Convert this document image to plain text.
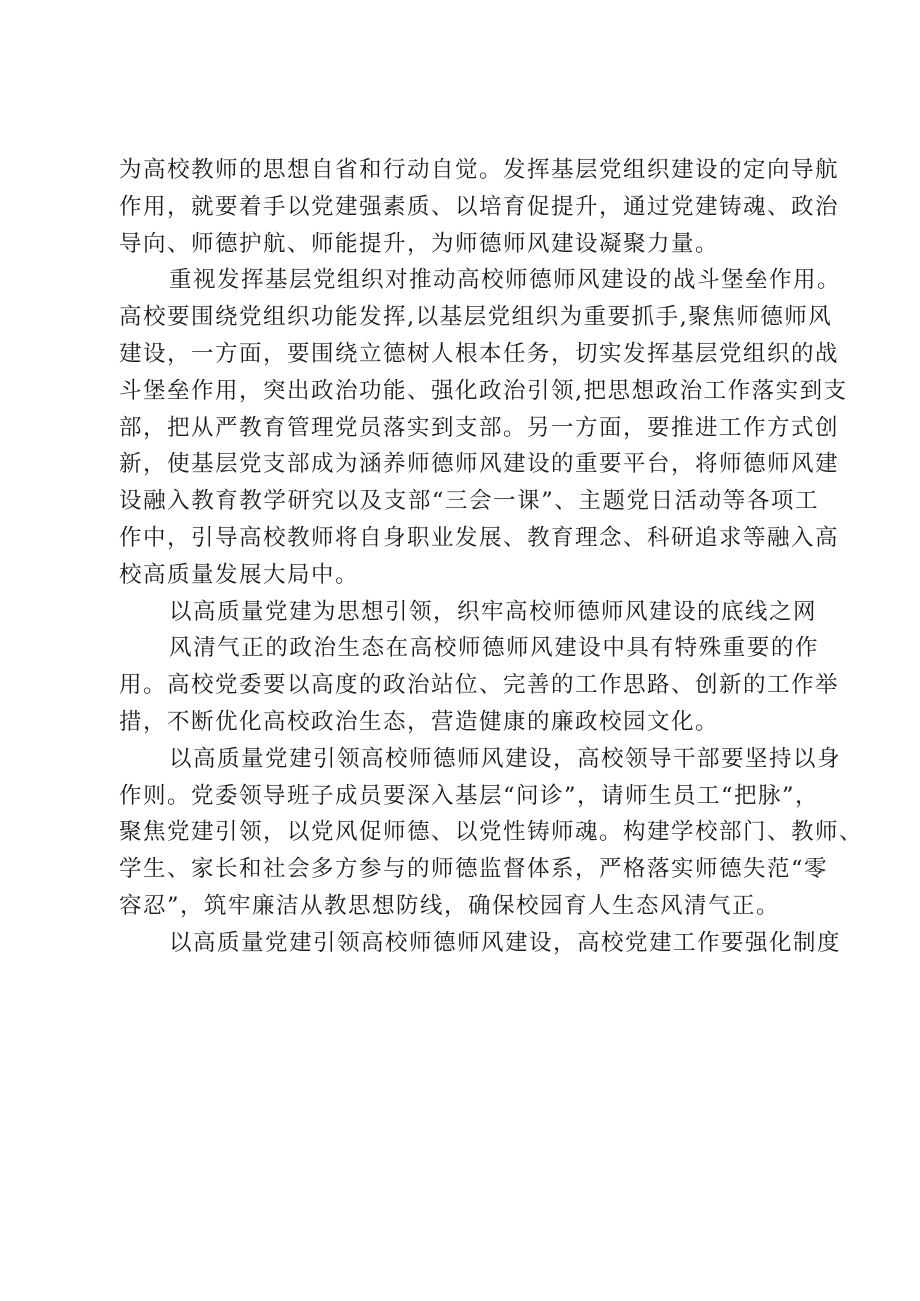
为高校教师的思想自省和行动自觉。发挥基层党组织建设的定向导航
作用，就要着手以党建强素质、以培育促提升，通过党建铸魂、政治
导向、师德护航、师能提升，为师德师风建设凝聚力量。
重视发挥基层党组织对推动高校师德师风建设的战斗堡垒作用。
高校要围绕党组织功能发挥,以基层党组织为重要抓手,聚焦师德师风
建设，一方面，要围绕立德树人根本任务，切实发挥基层党组织的战
斗堡垒作用，突出政治功能、强化政治引领,把思想政治工作落实到支
部，把从严教育管理党员落实到支部。另一方面，要推进工作方式创
新，使基层党支部成为涵养师德师风建设的重要平台，将师德师风建
设融入教育教学研究以及支部“三会一课”、主题党日活动等各项工
作中，引导高校教师将自身职业发展、教育理念、科研追求等融入高
校高质量发展大局中。
以高质量党建为思想引领，织牢高校师德师风建设的底线之网
风清气正的政治生态在高校师德师风建设中具有特殊重要的作
用。高校党委要以高度的政治站位、完善的工作思路、创新的工作举
措，不断优化高校政治生态，营造健康的廉政校园文化。
以高质量党建引领高校师德师风建设，高校领导干部要坚持以身
作则。党委领导班子成员要深入基层“问诊”，请师生员工“把脉”，
聚焦党建引领，以党风促师德、以党性铸师魂。构建学校部门、教师、
学生、家长和社会多方参与的师德监督体系，严格落实师德失范“零
容忍”，筑牢廉洁从教思想防线，确保校园育人生态风清气正。
以高质量党建引领高校师德师风建设，高校党建工作要强化制度
